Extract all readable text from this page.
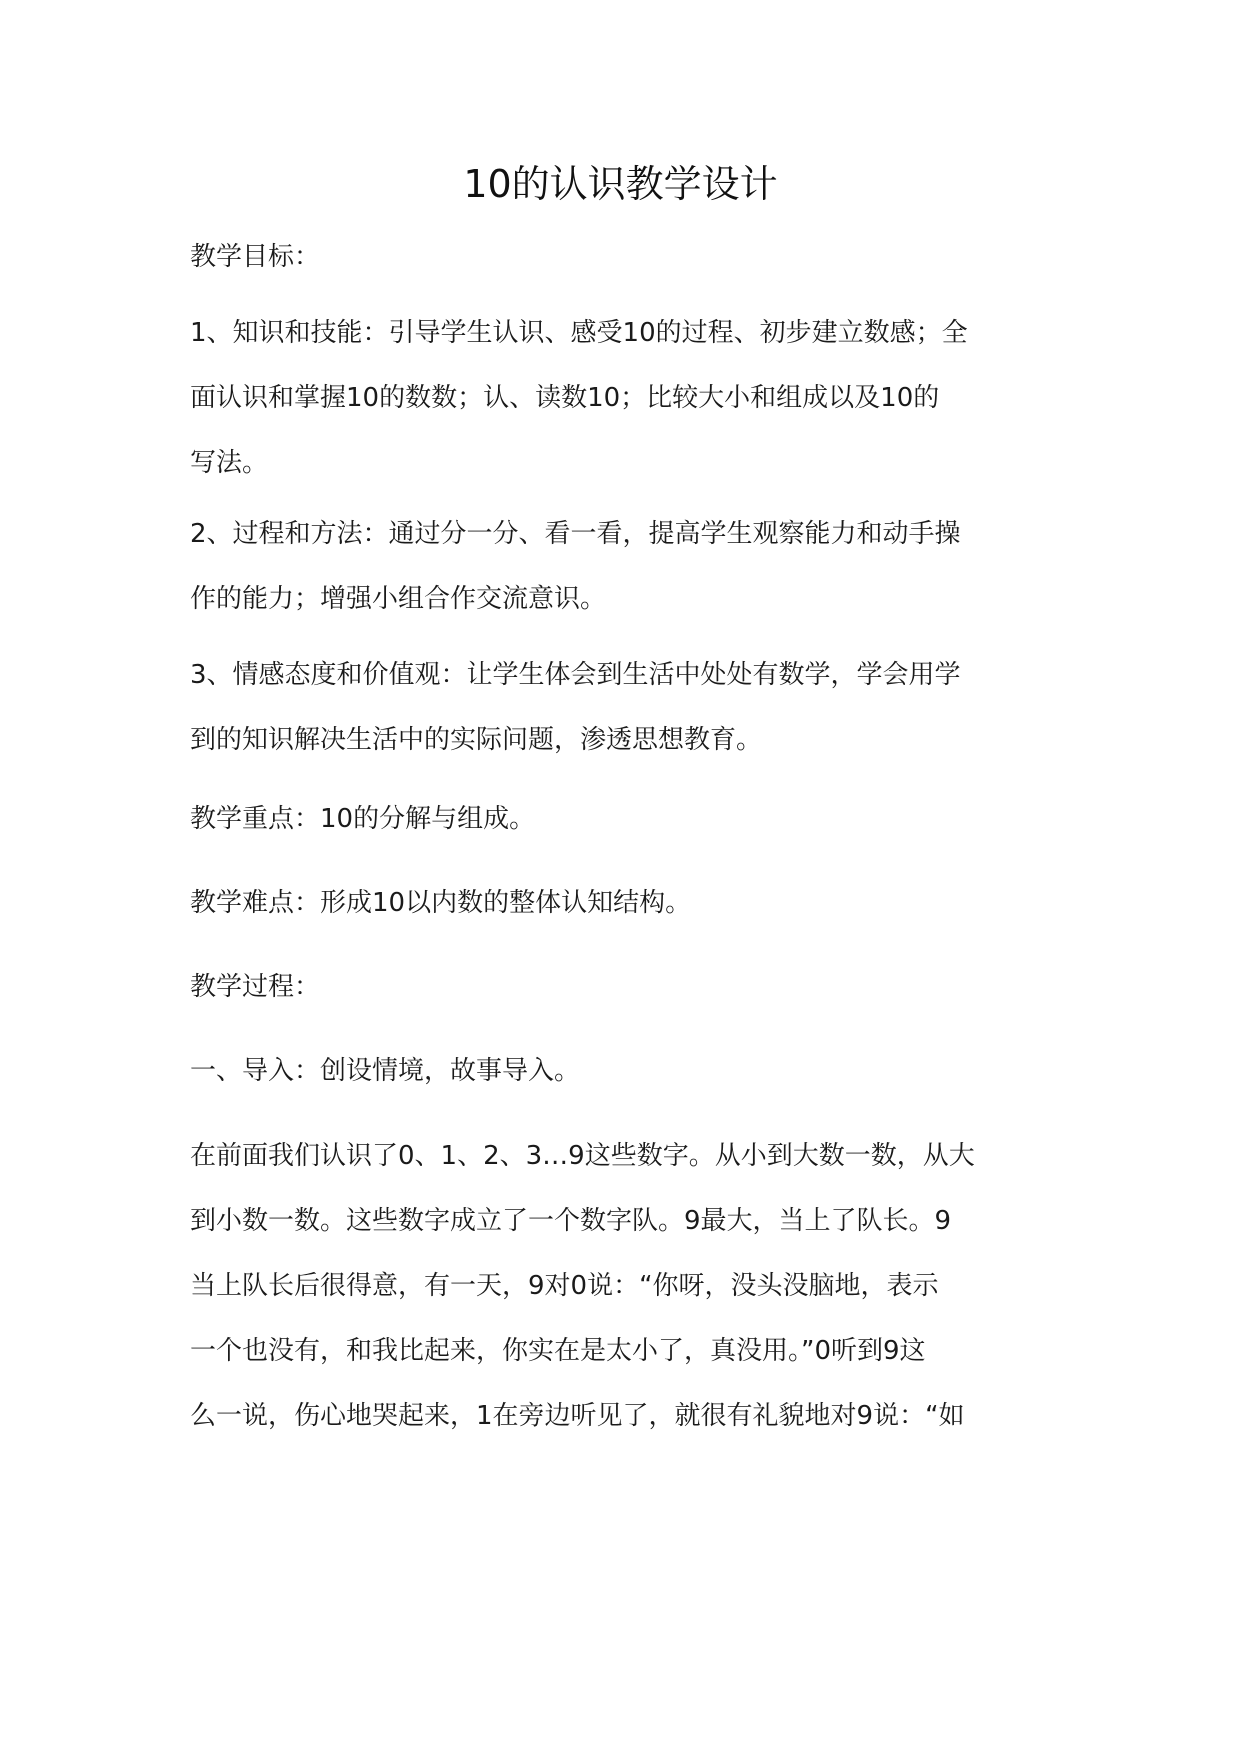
10的认识教学设计
教学目标：
1、知识和技能：引导学生认识、感受10的过程、初步建立数感；全
面认识和掌握10的数数；认、读数10；比较大小和组成以及10的
写法。
2、过程和方法：通过分一分、看一看，提高学生观察能力和动手操
作的能力；增强小组合作交流意识。
3、情感态度和价值观：让学生体会到生活中处处有数学，学会用学
到的知识解决生活中的实际问题，渗透思想教育。
教学重点：10的分解与组成。
教学难点：形成10以内数的整体认知结构。
教学过程：
一、导入：创设情境，故事导入。
在前面我们认识了0、1、2、3…9这些数字。从小到大数一数，从大
到小数一数。这些数字成立了一个数字队。9最大，当上了队长。9
当上队长后很得意，有一天，9对0说：“你呀，没头没脑地，表示
一个也没有，和我比起来，你实在是太小了，真没用。”0听到9这
么一说，伤心地哭起来，1在旁边听见了，就很有礼貌地对9说：“如
